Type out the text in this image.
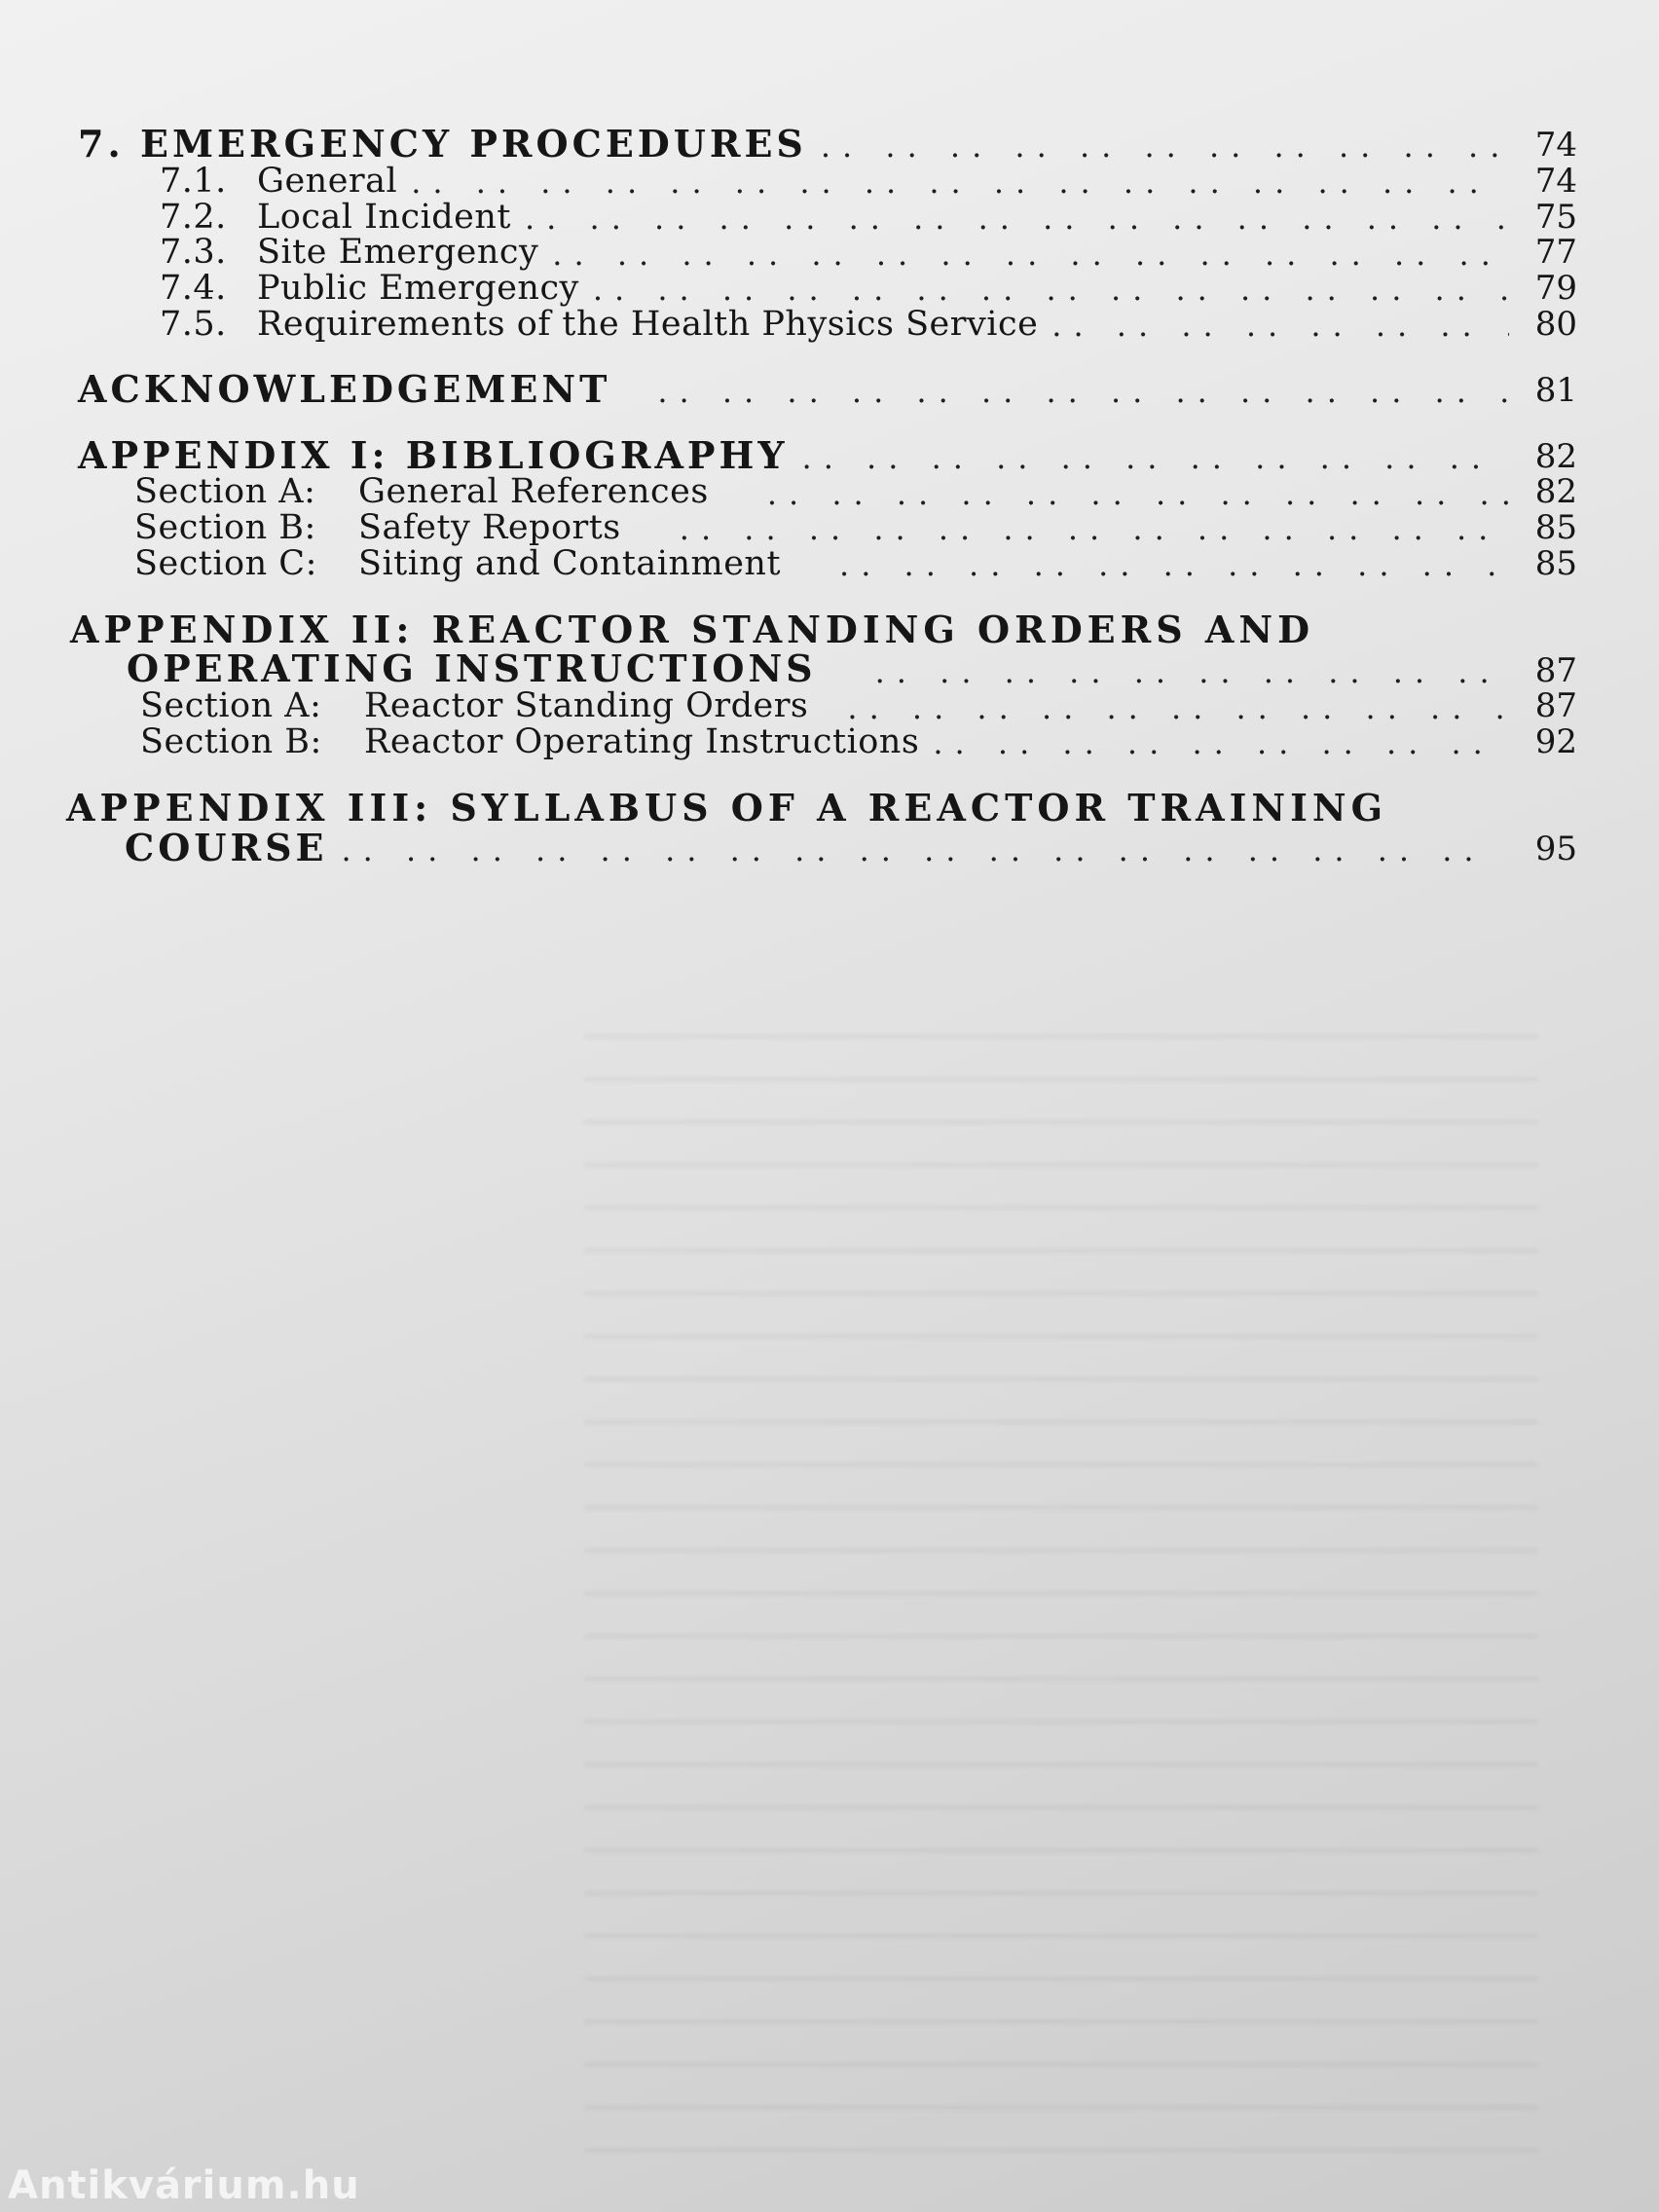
7. EMERGENCY PROCEDURES .. ..	74
7.1. General .. ..	74
7.2. Local Incident .. ..	75
7.3. Site Emergency .. ..	77
7.4. Public Emergency .. ..	79
7.5. Requirements of the Health Physics Service .. ..	80
ACKNOWLEDGEMENT .. ..	81
APPENDIX I: BIBLIOGRAPHY .. ..	82
Section A:	General References .. ..	82
Section B:	Safety Reports .. ..	85
Section C:	Siting and Containment .. ..	85
APPENDIX II: REACTOR STANDING ORDERS AND
OPERATING INSTRUCTIONS .. ..	87
Section A:	Reactor Standing Orders .. ..	87
Section B:	Reactor Operating Instructions .. ..	92
APPENDIX III: SYLLABUS OF A REACTOR TRAINING
COURSE .. ..	95
Antikvárium.hu
